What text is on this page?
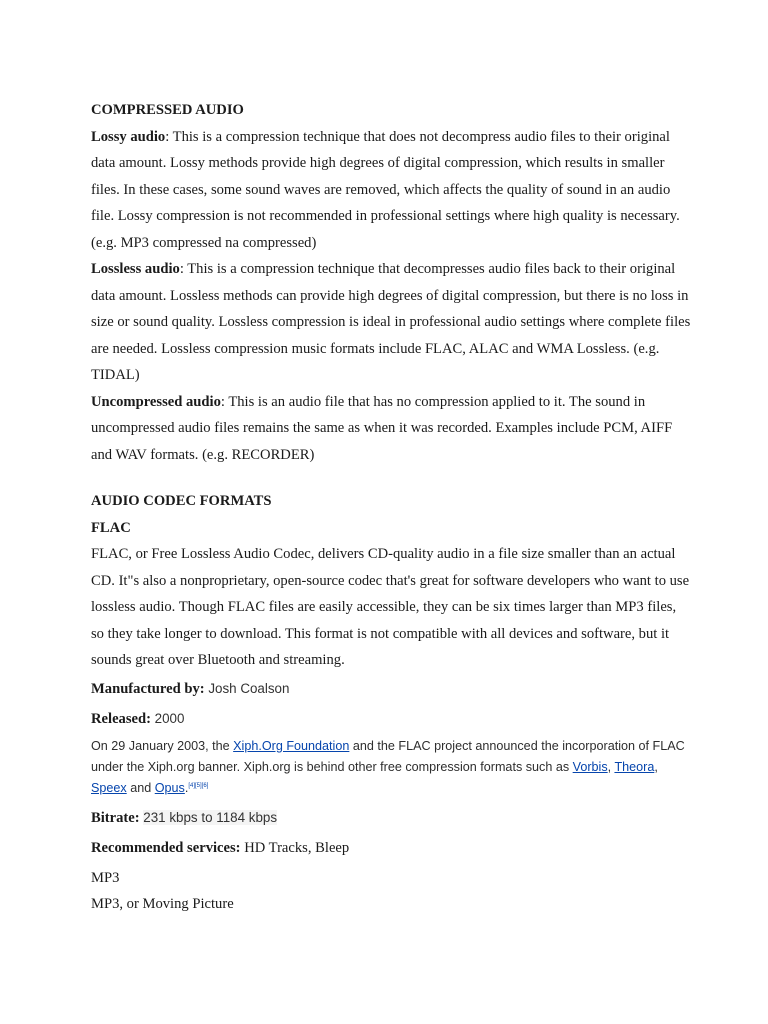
COMPRESSED AUDIO

Lossy audio: This is a compression technique that does not decompress audio files to their original data amount. Lossy methods provide high degrees of digital compression, which results in smaller files. In these cases, some sound waves are removed, which affects the quality of sound in an audio file. Lossy compression is not recommended in professional settings where high quality is necessary. (e.g. MP3 compressed na compressed)

Lossless audio: This is a compression technique that decompresses audio files back to their original data amount. Lossless methods can provide high degrees of digital compression, but there is no loss in size or sound quality. Lossless compression is ideal in professional audio settings where complete files are needed. Lossless compression music formats include FLAC, ALAC and WMA Lossless. (e.g. TIDAL)

Uncompressed audio: This is an audio file that has no compression applied to it. The sound in uncompressed audio files remains the same as when it was recorded. Examples include PCM, AIFF and WAV formats. (e.g. RECORDER)

AUDIO CODEC FORMATS

FLAC

FLAC, or Free Lossless Audio Codec, delivers CD-quality audio in a file size smaller than an actual CD. It"s also a nonproprietary, open-source codec that's great for software developers who want to use lossless audio. Though FLAC files are easily accessible, they can be six times larger than MP3 files, so they take longer to download. This format is not compatible with all devices and software, but it sounds great over Bluetooth and streaming.

Manufactured by: Josh Coalson

Released: 2000

On 29 January 2003, the Xiph.Org Foundation and the FLAC project announced the incorporation of FLAC under the Xiph.org banner. Xiph.org is behind other free compression formats such as Vorbis, Theora, Speex and Opus.[4][5][6]

Bitrate: 231 kbps to 1184 kbps

Recommended services: HD Tracks, Bleep

MP3

MP3, or Moving Picture
